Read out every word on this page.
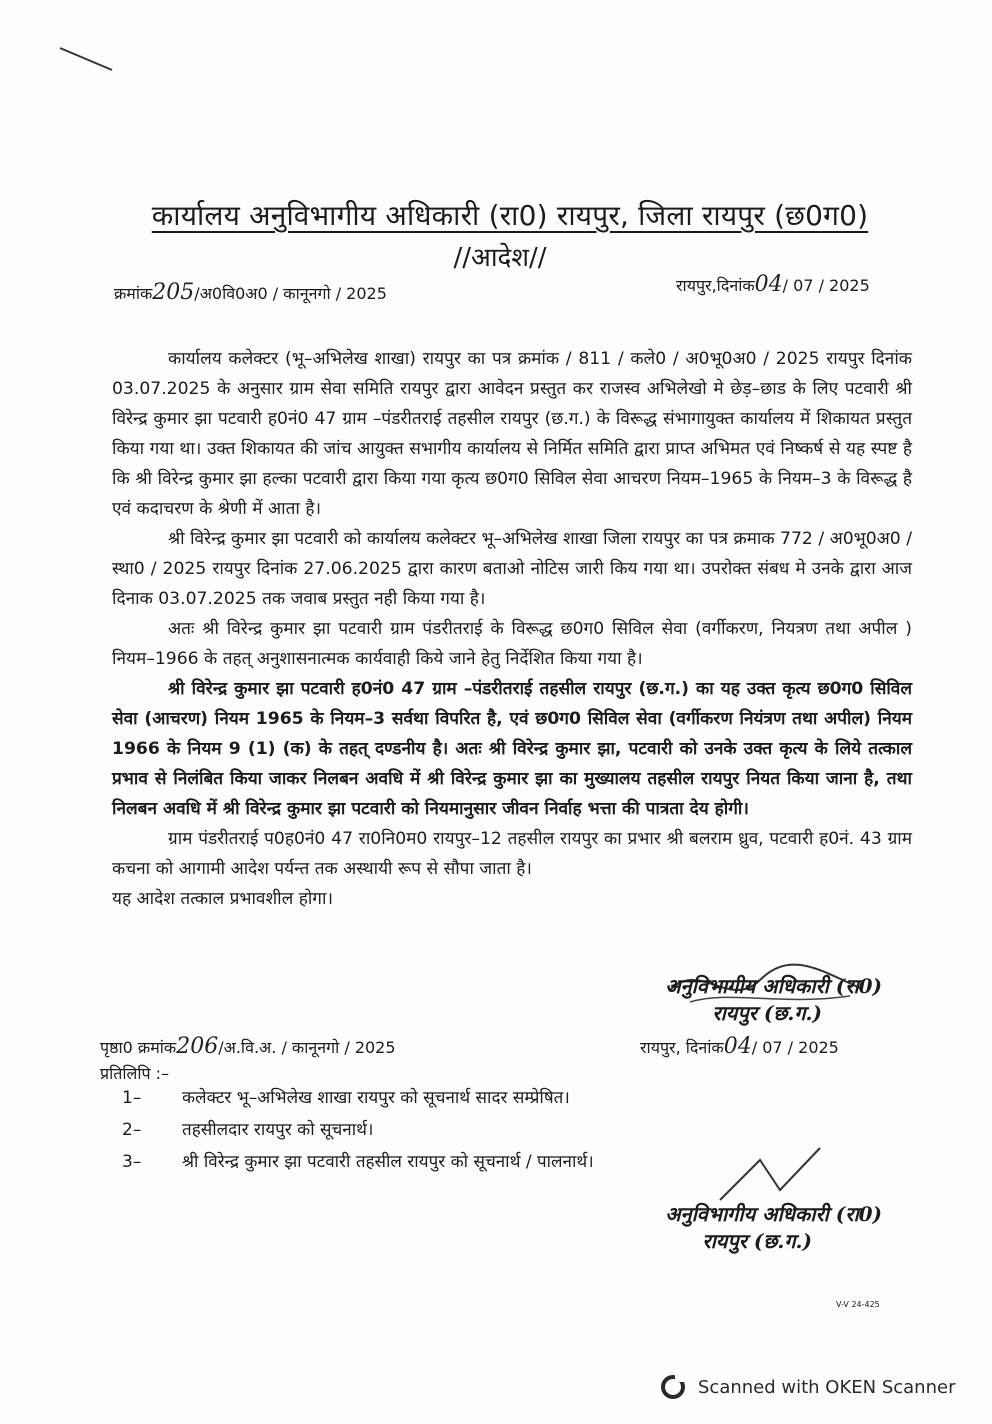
कार्यालय अनुविभागीय अधिकारी (रा0) रायपुर, जिला रायपुर (छ0ग0)
//आदेश//
क्रमांक205/अ0वि0अ0 / कानूनगो / 2025	रायपुर,दिनांक04/ 07 / 2025

कार्यालय कलेक्टर (भू–अभिलेख शाखा) रायपुर का पत्र क्रमांक / 811 / कले0 / अ0भू0अ0 / 2025 रायपुर दिनांक 03.07.2025 के अनुसार ग्राम सेवा समिति रायपुर द्वारा आवेदन प्रस्तुत कर राजस्व अभिलेखो मे छेड़–छाड के लिए पटवारी श्री विरेन्द्र कुमार झा पटवारी ह0नं0 47 ग्राम –पंडरीतराई तहसील रायपुर (छ.ग.) के विरूद्ध संभागायुक्त कार्यालय में शिकायत प्रस्तुत किया गया था। उक्त शिकायत की जांच आयुक्त सभागीय कार्यालय से निर्मित समिति द्वारा प्राप्त अभिमत एवं निष्कर्ष से यह स्पष्ट है कि श्री विरेन्द्र कुमार झा हल्का पटवारी द्वारा किया गया कृत्य छ0ग0 सिविल सेवा आचरण नियम–1965 के नियम–3 के विरूद्ध है एवं कदाचरण के श्रेणी में आता है।

श्री विरेन्द्र कुमार झा पटवारी को कार्यालय कलेक्टर भू–अभिलेख शाखा जिला रायपुर का पत्र क्रमाक 772 / अ0भू0अ0 / स्था0 / 2025 रायपुर दिनांक 27.06.2025 द्वारा कारण बताओ नोटिस जारी किय गया था। उपरोक्त संबध मे उनके द्वारा आज दिनाक 03.07.2025 तक जवाब प्रस्तुत नही किया गया है।

अतः श्री विरेन्द्र कुमार झा पटवारी ग्राम पंडरीतराई के विरूद्ध छ0ग0 सिविल सेवा (वर्गीकरण, नियत्रण तथा अपील ) नियम–1966 के तहत् अनुशासनात्मक कार्यवाही किये जाने हेतु निर्देशित किया गया है।

श्री विरेन्द्र कुमार झा पटवारी ह0नं0 47 ग्राम –पंडरीतराई तहसील रायपुर (छ.ग.) का यह उक्त कृत्य छ0ग0 सिविल सेवा (आचरण) नियम 1965 के नियम–3 सर्वथा विपरित है, एवं छ0ग0 सिविल सेवा (वर्गीकरण नियंत्रण तथा अपील) नियम 1966 के नियम 9 (1) (क) के तहत् दण्डनीय है। अतः श्री विरेन्द्र कुमार झा, पटवारी को उनके उक्त कृत्य के लिये तत्काल प्रभाव से निलंबित किया जाकर निलबन अवधि में श्री विरेन्द्र कुमार झा का मुख्यालय तहसील रायपुर नियत किया जाना है, तथा निलबन अवधि में श्री विरेन्द्र कुमार झा पटवारी को नियमानुसार जीवन निर्वाह भत्ता की पात्रता देय होगी।

ग्राम पंडरीतराई प0ह0नं0 47 रा0नि0म0 रायपुर–12 तहसील रायपुर का प्रभार श्री बलराम ध्रुव, पटवारी ह0नं. 43 ग्राम कचना को आगामी आदेश पर्यन्त तक अस्थायी रूप से सौपा जाता है।

यह आदेश तत्काल प्रभावशील होगा।

अनुविभागीय अधिकारी (रा0)
रायपुर (छ.ग.)
पृष्ठा0 क्रमांक206/अ.वि.अ. / कानूनगो / 2025	रायपुर, दिनांक04/ 07 / 2025
प्रतिलिपि :–
1–	कलेक्टर भू–अभिलेख शाखा रायपुर को सूचनार्थ सादर सम्प्रेषित।
2–	तहसीलदार रायपुर को सूचनार्थ।
3–	श्री विरेन्द्र कुमार झा पटवारी तहसील रायपुर को सूचनार्थ / पालनार्थ।
अनुविभागीय अधिकारी (रा0)
रायपुर (छ.ग.)
V-V 24-425
Scanned with OKEN Scanner
